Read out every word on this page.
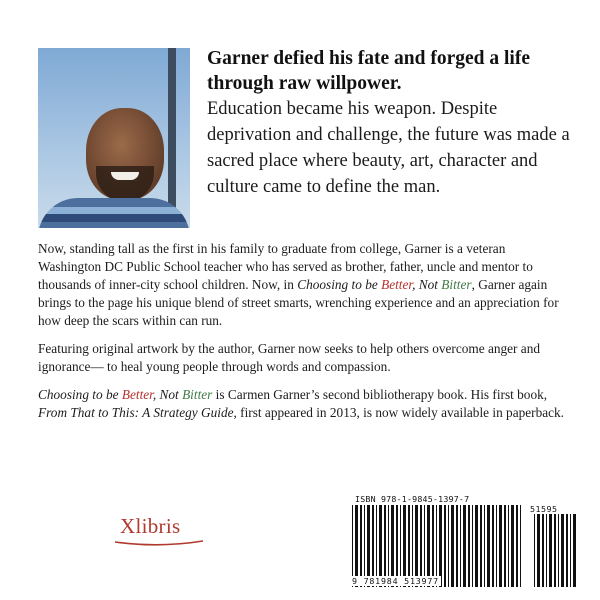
Garner defied his fate and forged a life through raw willpower.
Education became his weapon. Despite deprivation and challenge, the future was made a sacred place where beauty, art, character and culture came to define the man.

Now, standing tall as the first in his family to graduate from college, Garner is a veteran Washington DC Public School teacher who has served as brother, father, uncle and mentor to thousands of inner-city school children. Now, in Choosing to be Better, Not Bitter, Garner again brings to the page his unique blend of street smarts, wrenching experience and an appreciation for how deep the scars within can run.

Featuring original artwork by the author, Garner now seeks to help others overcome anger and ignorance— to heal young people through words and compassion.

Choosing to be Better, Not Bitter is Carmen Garner’s second bibliotherapy book. His first book, From That to This: A Strategy Guide, first appeared in 2013, is now widely available in paperback.

Xlibris
ISBN 978-1-9845-1397-7
51595
9 781984 513977
